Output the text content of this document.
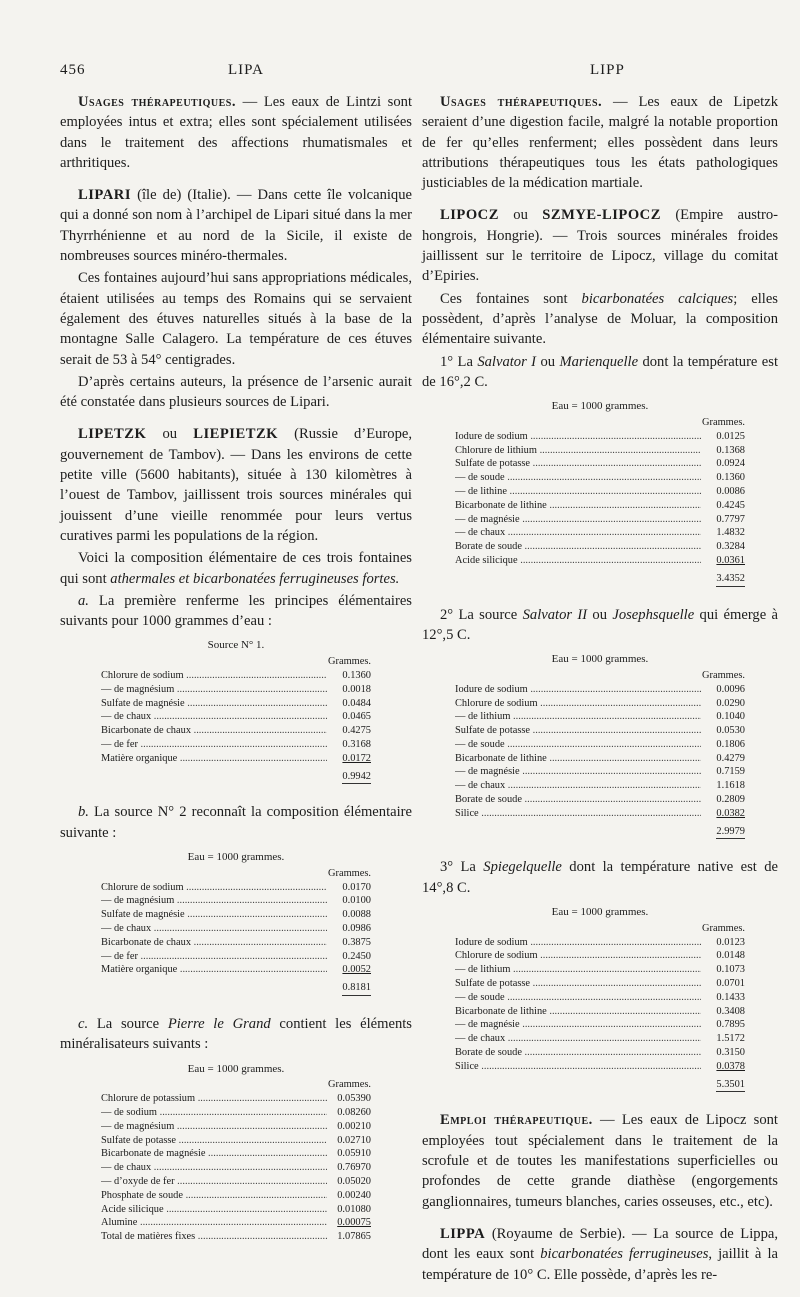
456	LIPA	LIPP

Usages thérapeutiques. — Les eaux de Lintzi sont employées intus et extra; elles sont spécialement utilisées dans le traitement des affections rhumatismales et arthritiques.

LIPARI (île de) (Italie). — Dans cette île volcanique qui a donné son nom à l’archipel de Lipari situé dans la mer Thyrrhénienne et au nord de la Sicile, il existe de nombreuses sources minéro-thermales.

Ces fontaines aujourd’hui sans appropriations médicales, étaient utilisées au temps des Romains qui se servaient également des étuves naturelles situés à la base de la montagne Salle Calagero. La température de ces étuves serait de 53 à 54° centigrades.

D’après certains auteurs, la présence de l’arsenic aurait été constatée dans plusieurs sources de Lipari.

LIPETZK ou LIEPIETZK (Russie d’Europe, gouvernement de Tambov). — Dans les environs de cette petite ville (5600 habitants), située à 130 kilomètres à l’ouest de Tambov, jaillissent trois sources minérales qui jouissent d’une vieille renommée pour leurs vertus curatives parmi les populations de la région.

Voici la composition élémentaire de ces trois fontaines qui sont athermales et bicarbonatées ferrugineuses fortes.

a. La première renferme les principes élémentaires suivants pour 1000 grammes d’eau :

Source N° 1.
Grammes.
Chlorure de sodium .....	0.1360
— de magnésium .....	0.0018
Sulfate de magnésie .....	0.0484
— de chaux .....	0.0465
Bicarbonate de chaux .....	0.4275
— de fer .....	0.3168
Matière organique .....	0.0172
0.9942

b. La source N° 2 reconnaît la composition élémentaire suivante :

Eau = 1000 grammes.
Grammes.
Chlorure de sodium .....	0.0170
— de magnésium .....	0.0100
Sulfate de magnésie .....	0.0088
— de chaux .....	0.0986
Bicarbonate de chaux .....	0.3875
— de fer .....	0.2450
Matière organique .....	0.0052
0.8181

c. La source Pierre le Grand contient les éléments minéralisateurs suivants :

Eau = 1000 grammes.
Grammes.
Chlorure de potassium .....	0.05390
— de sodium .....	0.08260
— de magnésium .....	0.00210
Sulfate de potasse .....	0.02710
Bicarbonate de magnésie .....	0.05910
— de chaux .....	0.76970
— d’oxyde de fer .....	0.05020
Phosphate de soude .....	0.00240
Acide silicique .....	0.01080
Alumine .....	0.00075
Total de matières fixes .....	1.07865

Usages thérapeutiques. — Les eaux de Lipetzk seraient d’une digestion facile, malgré la notable proportion de fer qu’elles renferment; elles possèdent dans leurs attributions thérapeutiques tous les états pathologiques justiciables de la médication martiale.

LIPOCZ ou SZMYE-LIPOCZ (Empire austro-hongrois, Hongrie). — Trois sources minérales froides jaillissent sur le territoire de Lipocz, village du comitat d’Epiries.

Ces fontaines sont bicarbonatées calciques; elles possèdent, d’après l’analyse de Moluar, la composition élémentaire suivante.

1° La Salvator I ou Marienquelle dont la température est de 16°,2 C.

Eau = 1000 grammes.
Grammes.
Iodure de sodium .....	0.0125
Chlorure de lithium .....	0.1368
Sulfate de potasse .....	0.0924
— de soude .....	0.1360
— de lithine .....	0.0086
Bicarbonate de lithine .....	0.4245
— de magnésie .....	0.7797
— de chaux .....	1.4832
Borate de soude .....	0.3284
Acide silicique .....	0.0361
3.4352

2° La source Salvator II ou Josephsquelle qui émerge à 12°,5 C.

Eau = 1000 grammes.
Grammes.
Iodure de sodium .....	0.0096
Chlorure de sodium .....	0.0290
— de lithium .....	0.1040
Sulfate de potasse .....	0.0530
— de soude .....	0.1806
Bicarbonate de lithine .....	0.4279
— de magnésie .....	0.7159
— de chaux .....	1.1618
Borate de soude .....	0.2809
Silice .....	0.0382
2.9979

3° La Spiegelquelle dont la température native est de 14°,8 C.

Eau = 1000 grammes.
Grammes.
Iodure de sodium .....	0.0123
Chlorure de sodium .....	0.0148
— de lithium .....	0.1073
Sulfate de potasse .....	0.0701
— de soude .....	0.1433
Bicarbonate de lithine .....	0.3408
— de magnésie .....	0.7895
— de chaux .....	1.5172
Borate de soude .....	0.3150
Silice .....	0.0378
5.3501

Emploi thérapeutique. — Les eaux de Lipocz sont employées tout spécialement dans le traitement de la scrofule et de toutes les manifestations superficielles ou profondes de cette grande diathèse (engorgements ganglionnaires, tumeurs blanches, caries osseuses, etc., etc).

LIPPA (Royaume de Serbie). — La source de Lippa, dont les eaux sont bicarbonatées ferrugineuses, jaillit à la température de 10° C. Elle possède, d’après les re-
